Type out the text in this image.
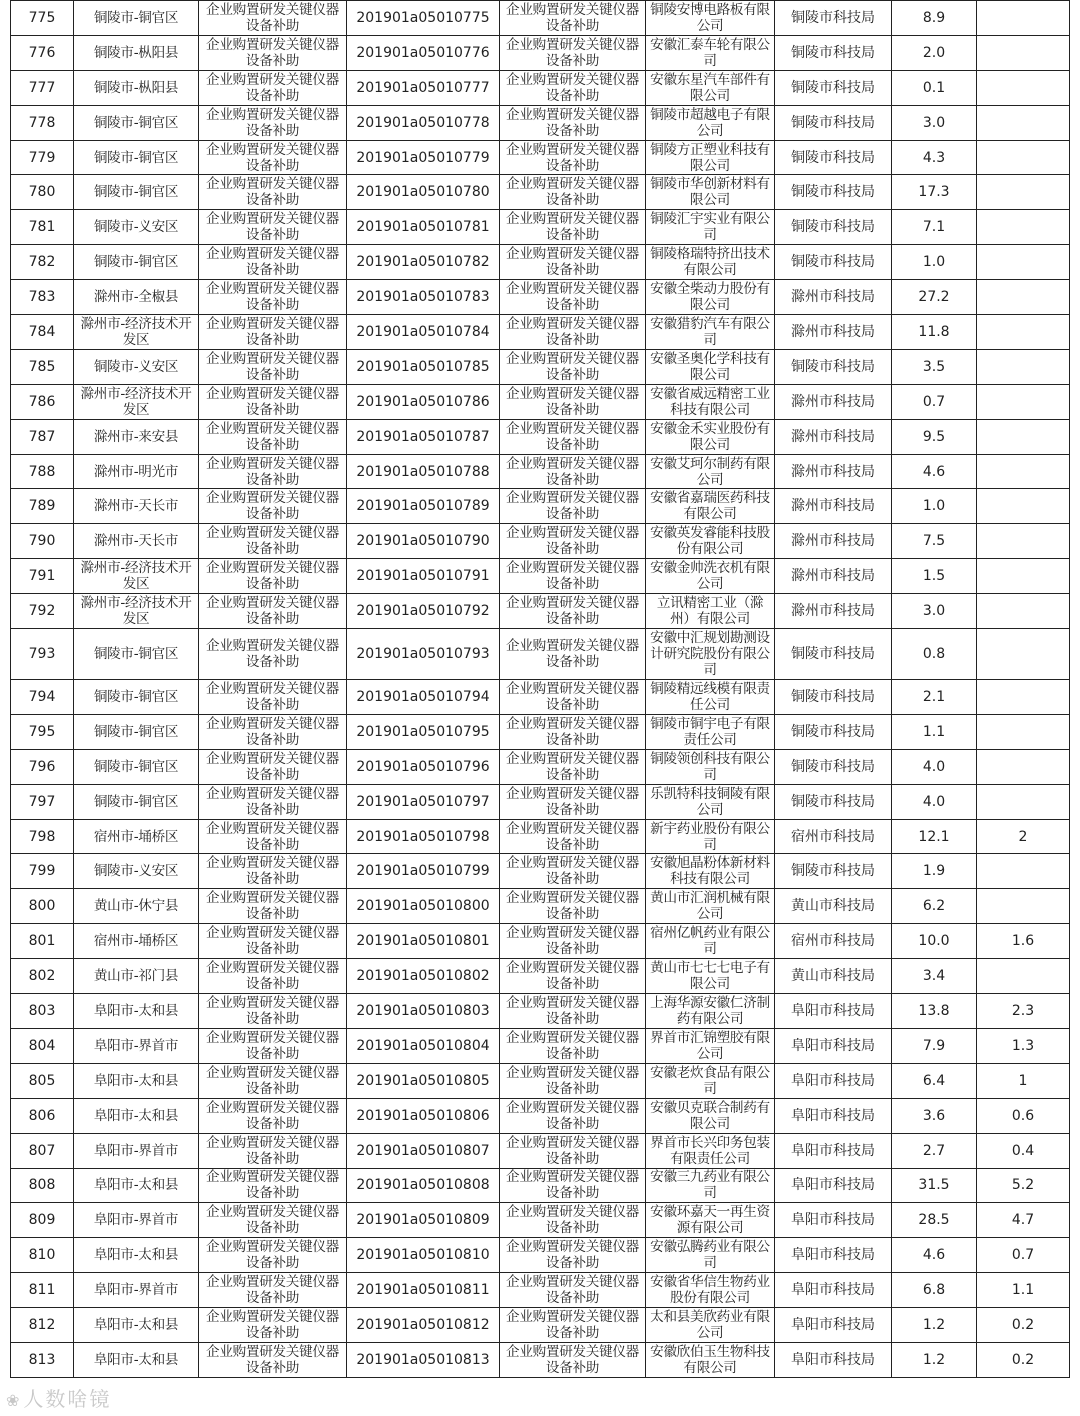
775	铜陵市-铜官区	企业购置研发关键仪器设备补助	201901a05010775	企业购置研发关键仪器设备补助	铜陵安博电路板有限公司	铜陵市科技局	8.9	
776	铜陵市-枞阳县	企业购置研发关键仪器设备补助	201901a05010776	企业购置研发关键仪器设备补助	安徽汇泰车轮有限公司	铜陵市科技局	2.0	
777	铜陵市-枞阳县	企业购置研发关键仪器设备补助	201901a05010777	企业购置研发关键仪器设备补助	安徽东星汽车部件有限公司	铜陵市科技局	0.1	
778	铜陵市-铜官区	企业购置研发关键仪器设备补助	201901a05010778	企业购置研发关键仪器设备补助	铜陵市超越电子有限公司	铜陵市科技局	3.0	
779	铜陵市-铜官区	企业购置研发关键仪器设备补助	201901a05010779	企业购置研发关键仪器设备补助	铜陵方正塑业科技有限公司	铜陵市科技局	4.3	
780	铜陵市-铜官区	企业购置研发关键仪器设备补助	201901a05010780	企业购置研发关键仪器设备补助	铜陵市华创新材料有限公司	铜陵市科技局	17.3	
781	铜陵市-义安区	企业购置研发关键仪器设备补助	201901a05010781	企业购置研发关键仪器设备补助	铜陵汇宇实业有限公司	铜陵市科技局	7.1	
782	铜陵市-铜官区	企业购置研发关键仪器设备补助	201901a05010782	企业购置研发关键仪器设备补助	铜陵格瑞特挤出技术有限公司	铜陵市科技局	1.0	
783	滁州市-全椒县	企业购置研发关键仪器设备补助	201901a05010783	企业购置研发关键仪器设备补助	安徽全柴动力股份有限公司	滁州市科技局	27.2	
784	滁州市-经济技术开发区	企业购置研发关键仪器设备补助	201901a05010784	企业购置研发关键仪器设备补助	安徽猎豹汽车有限公司	滁州市科技局	11.8	
785	铜陵市-义安区	企业购置研发关键仪器设备补助	201901a05010785	企业购置研发关键仪器设备补助	安徽圣奥化学科技有限公司	铜陵市科技局	3.5	
786	滁州市-经济技术开发区	企业购置研发关键仪器设备补助	201901a05010786	企业购置研发关键仪器设备补助	安徽省威远精密工业科技有限公司	滁州市科技局	0.7	
787	滁州市-来安县	企业购置研发关键仪器设备补助	201901a05010787	企业购置研发关键仪器设备补助	安徽金禾实业股份有限公司	滁州市科技局	9.5	
788	滁州市-明光市	企业购置研发关键仪器设备补助	201901a05010788	企业购置研发关键仪器设备补助	安徽艾珂尔制药有限公司	滁州市科技局	4.6	
789	滁州市-天长市	企业购置研发关键仪器设备补助	201901a05010789	企业购置研发关键仪器设备补助	安徽省嘉瑞医药科技有限公司	滁州市科技局	1.0	
790	滁州市-天长市	企业购置研发关键仪器设备补助	201901a05010790	企业购置研发关键仪器设备补助	安徽英发睿能科技股份有限公司	滁州市科技局	7.5	
791	滁州市-经济技术开发区	企业购置研发关键仪器设备补助	201901a05010791	企业购置研发关键仪器设备补助	安徽金帅洗衣机有限公司	滁州市科技局	1.5	
792	滁州市-经济技术开发区	企业购置研发关键仪器设备补助	201901a05010792	企业购置研发关键仪器设备补助	立讯精密工业（滁州）有限公司	滁州市科技局	3.0	
793	铜陵市-铜官区	企业购置研发关键仪器设备补助	201901a05010793	企业购置研发关键仪器设备补助	安徽中汇规划勘测设计研究院股份有限公司	铜陵市科技局	0.8	
794	铜陵市-铜官区	企业购置研发关键仪器设备补助	201901a05010794	企业购置研发关键仪器设备补助	铜陵精远线模有限责任公司	铜陵市科技局	2.1	
795	铜陵市-铜官区	企业购置研发关键仪器设备补助	201901a05010795	企业购置研发关键仪器设备补助	铜陵市铜宇电子有限责任公司	铜陵市科技局	1.1	
796	铜陵市-铜官区	企业购置研发关键仪器设备补助	201901a05010796	企业购置研发关键仪器设备补助	铜陵领创科技有限公司	铜陵市科技局	4.0	
797	铜陵市-铜官区	企业购置研发关键仪器设备补助	201901a05010797	企业购置研发关键仪器设备补助	乐凯特科技铜陵有限公司	铜陵市科技局	4.0	
798	宿州市-埇桥区	企业购置研发关键仪器设备补助	201901a05010798	企业购置研发关键仪器设备补助	新宇药业股份有限公司	宿州市科技局	12.1	2
799	铜陵市-义安区	企业购置研发关键仪器设备补助	201901a05010799	企业购置研发关键仪器设备补助	安徽旭晶粉体新材料科技有限公司	铜陵市科技局	1.9	
800	黄山市-休宁县	企业购置研发关键仪器设备补助	201901a05010800	企业购置研发关键仪器设备补助	黄山市汇润机械有限公司	黄山市科技局	6.2	
801	宿州市-埇桥区	企业购置研发关键仪器设备补助	201901a05010801	企业购置研发关键仪器设备补助	宿州亿帆药业有限公司	宿州市科技局	10.0	1.6
802	黄山市-祁门县	企业购置研发关键仪器设备补助	201901a05010802	企业购置研发关键仪器设备补助	黄山市七七七电子有限公司	黄山市科技局	3.4	
803	阜阳市-太和县	企业购置研发关键仪器设备补助	201901a05010803	企业购置研发关键仪器设备补助	上海华源安徽仁济制药有限公司	阜阳市科技局	13.8	2.3
804	阜阳市-界首市	企业购置研发关键仪器设备补助	201901a05010804	企业购置研发关键仪器设备补助	界首市汇锦塑胶有限公司	阜阳市科技局	7.9	1.3
805	阜阳市-太和县	企业购置研发关键仪器设备补助	201901a05010805	企业购置研发关键仪器设备补助	安徽老炊食品有限公司	阜阳市科技局	6.4	1
806	阜阳市-太和县	企业购置研发关键仪器设备补助	201901a05010806	企业购置研发关键仪器设备补助	安徽贝克联合制药有限公司	阜阳市科技局	3.6	0.6
807	阜阳市-界首市	企业购置研发关键仪器设备补助	201901a05010807	企业购置研发关键仪器设备补助	界首市长兴印务包装有限责任公司	阜阳市科技局	2.7	0.4
808	阜阳市-太和县	企业购置研发关键仪器设备补助	201901a05010808	企业购置研发关键仪器设备补助	安徽三九药业有限公司	阜阳市科技局	31.5	5.2
809	阜阳市-界首市	企业购置研发关键仪器设备补助	201901a05010809	企业购置研发关键仪器设备补助	安徽环嘉天一再生资源有限公司	阜阳市科技局	28.5	4.7
810	阜阳市-太和县	企业购置研发关键仪器设备补助	201901a05010810	企业购置研发关键仪器设备补助	安徽弘腾药业有限公司	阜阳市科技局	4.6	0.7
811	阜阳市-界首市	企业购置研发关键仪器设备补助	201901a05010811	企业购置研发关键仪器设备补助	安徽省华信生物药业股份有限公司	阜阳市科技局	6.8	1.1
812	阜阳市-太和县	企业购置研发关键仪器设备补助	201901a05010812	企业购置研发关键仪器设备补助	太和县美欣药业有限公司	阜阳市科技局	1.2	0.2
813	阜阳市-太和县	企业购置研发关键仪器设备补助	201901a05010813	企业购置研发关键仪器设备补助	安徽欣伯玉生物科技有限公司	阜阳市科技局	1.2	0.2
❀ 人数啥镜
